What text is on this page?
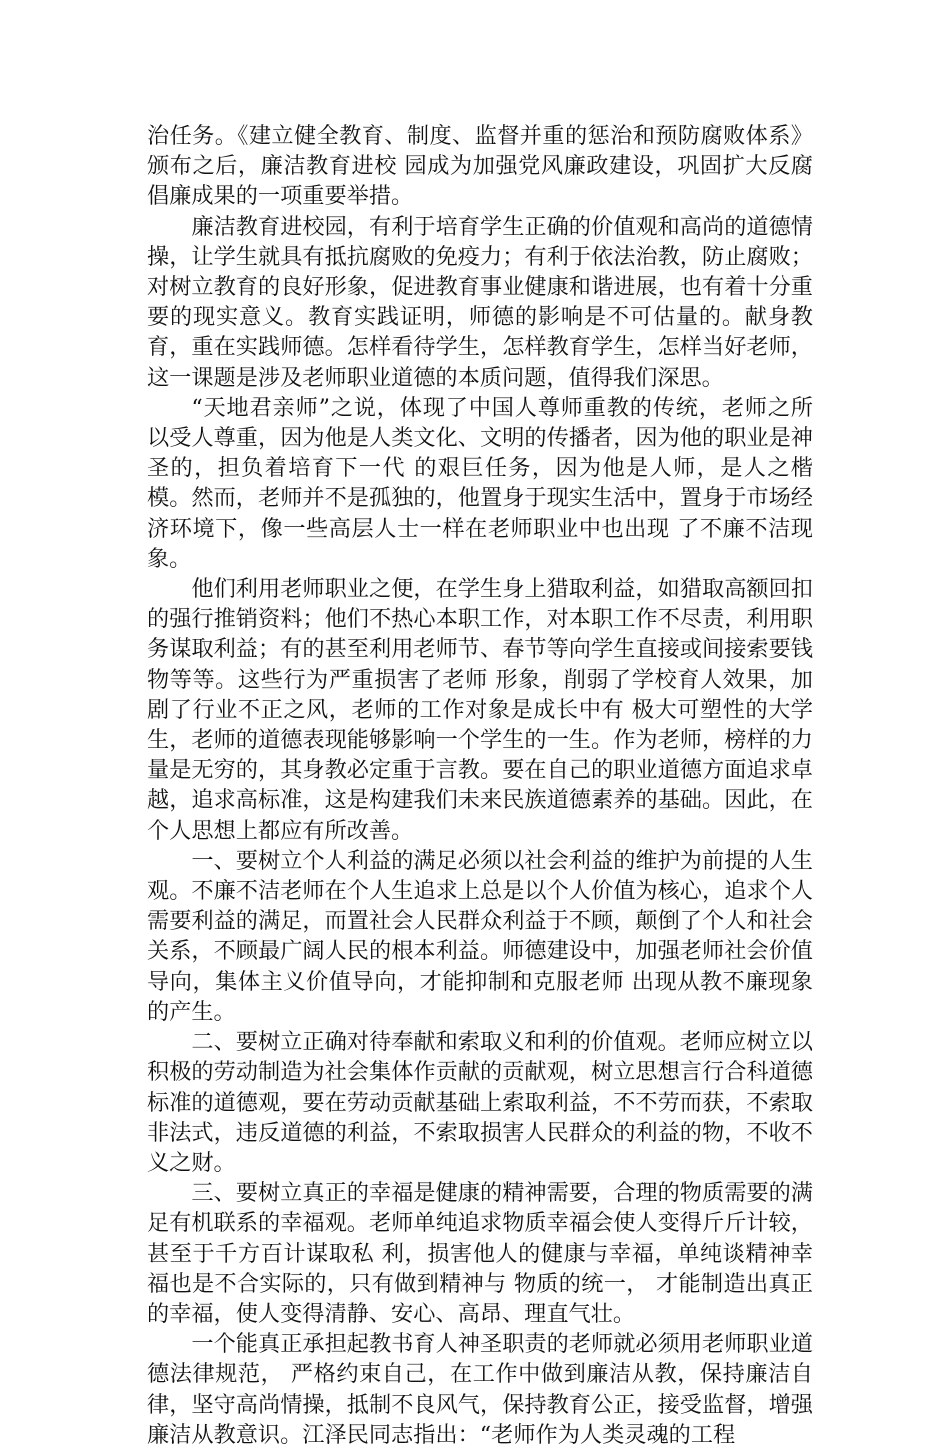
治任务。《建立健全教育、制度、监督并重的惩治和预防腐败体系》颁布之后，廉洁教育进校 园成为加强党风廉政建设，巩固扩大反腐倡廉成果的一项重要举措。

廉洁教育进校园，有利于培育学生正确的价值观和高尚的道德情操，让学生就具有抵抗腐败的免疫力；有利于依法治教，防止腐败；对树立教育的良好形象，促进教育事业健康和谐进展，也有着十分重要的现实意义。教育实践证明，师德的影响是不可估量的。献身教育，重在实践师德。怎样看待学生，怎样教育学生，怎样当好老师，这一课题是涉及老师职业道德的本质问题，值得我们深思。

“天地君亲师”之说，体现了中国人尊师重教的传统，老师之所以受人尊重，因为他是人类文化、文明的传播者，因为他的职业是神圣的，担负着培育下一代 的艰巨任务，因为他是人师，是人之楷模。然而，老师并不是孤独的，他置身于现实生活中，置身于市场经济环境下，像一些高层人士一样在老师职业中也出现 了不廉不洁现象。

他们利用老师职业之便，在学生身上猎取利益，如猎取高额回扣的强行推销资料；他们不热心本职工作，对本职工作不尽责，利用职务谋取利益；有的甚至利用老师节、春节等向学生直接或间接索要钱物等等。这些行为严重损害了老师 形象，削弱了学校育人效果，加剧了行业不正之风，老师的工作对象是成长中有 极大可塑性的大学生，老师的道德表现能够影响一个学生的一生。作为老师，榜样的力量是无穷的，其身教必定重于言教。要在自己的职业道德方面追求卓越，追求高标准，这是构建我们未来民族道德素养的基础。因此，在个人思想上都应有所改善。

一、要树立个人利益的满足必须以社会利益的维护为前提的人生观。不廉不洁老师在个人生追求上总是以个人价值为核心，追求个人需要利益的满足，而置社会人民群众利益于不顾，颠倒了个人和社会关系，不顾最广阔人民的根本利益。师德建设中，加强老师社会价值导向，集体主义价值导向，才能抑制和克服老师 出现从教不廉现象的产生。

二、要树立正确对待奉献和索取义和利的价值观。老师应树立以积极的劳动制造为社会集体作贡献的贡献观，树立思想言行合科道德标准的道德观，要在劳动贡献基础上索取利益，不不劳而获，不索取非法式，违反道德的利益，不索取损害人民群众的利益的物，不收不义之财。

三、要树立真正的幸福是健康的精神需要，合理的物质需要的满足有机联系的幸福观。老师单纯追求物质幸福会使人变得斤斤计较，甚至于千方百计谋取私 利，损害他人的健康与幸福，单纯谈精神幸福也是不合实际的，只有做到精神与 物质的统一， 才能制造出真正的幸福，使人变得清静、安心、高昂、理直气壮。

一个能真正承担起教书育人神圣职责的老师就必须用老师职业道德法律规范， 严格约束自己，在工作中做到廉洁从教，保持廉洁自律，坚守高尚情操，抵制不良风气，保持教育公正，接受监督，增强廉洁从教意识。江泽民同志指出：“老师作为人类灵魂的工程
